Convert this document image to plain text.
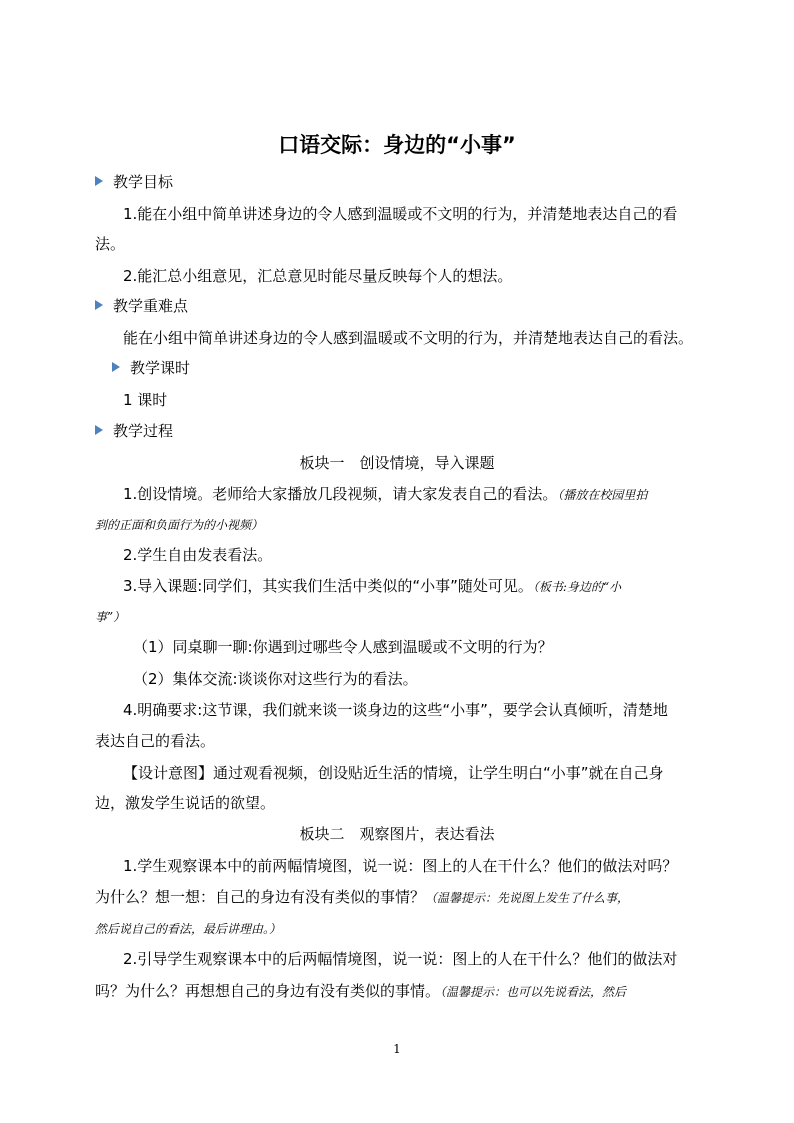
口语交际：身边的“小事”
教学目标
1.能在小组中简单讲述身边的令人感到温暖或不文明的行为，并清楚地表达自己的看
法。
2.能汇总小组意见，汇总意见时能尽量反映每个人的想法。
教学重难点
能在小组中简单讲述身边的令人感到温暖或不文明的行为，并清楚地表达自己的看法。
教学课时
1 课时
教学过程
板块一　创设情境，导入课题
1.创设情境。老师给大家播放几段视频，请大家发表自己的看法。（播放在校园里拍
到的正面和负面行为的小视频）
2.学生自由发表看法。
3.导入课题:同学们，其实我们生活中类似的“小事”随处可见。（板书:身边的“小
事”）
（1）同桌聊一聊:你遇到过哪些令人感到温暖或不文明的行为？
（2）集体交流:谈谈你对这些行为的看法。
4.明确要求:这节课，我们就来谈一谈身边的这些“小事”，要学会认真倾听，清楚地
表达自己的看法。
【设计意图】通过观看视频，创设贴近生活的情境，让学生明白“小事”就在自己身
边，激发学生说话的欲望。
板块二　观察图片，表达看法
1.学生观察课本中的前两幅情境图，说一说：图上的人在干什么？他们的做法对吗？
为什么？想一想：自己的身边有没有类似的事情？（温馨提示：先说图上发生了什么事，
然后说自己的看法，最后讲理由。）
2.引导学生观察课本中的后两幅情境图，说一说：图上的人在干什么？他们的做法对
吗？为什么？再想想自己的身边有没有类似的事情。（温馨提示：也可以先说看法，然后
1
